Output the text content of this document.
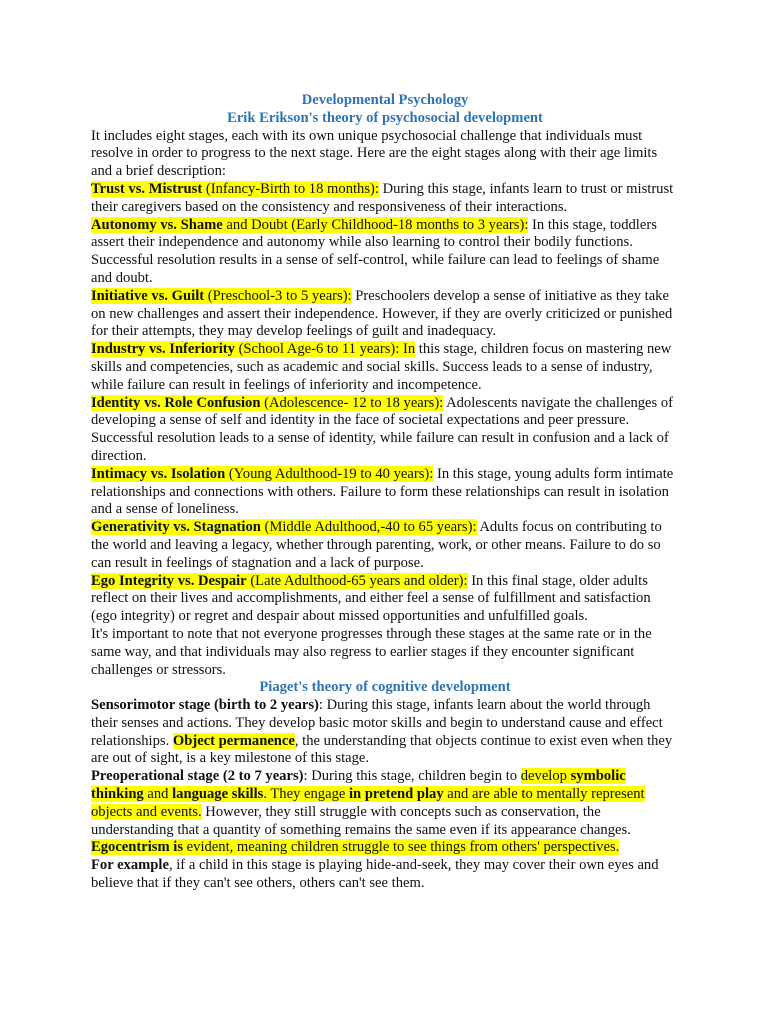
Developmental Psychology

Erik Erikson's theory of psychosocial development

It includes eight stages, each with its own unique psychosocial challenge that individuals must resolve in order to progress to the next stage. Here are the eight stages along with their age limits and a brief description:

Trust vs. Mistrust (Infancy-Birth to 18 months): During this stage, infants learn to trust or mistrust their caregivers based on the consistency and responsiveness of their interactions.

Autonomy vs. Shame and Doubt (Early Childhood-18 months to 3 years): In this stage, toddlers assert their independence and autonomy while also learning to control their bodily functions. Successful resolution results in a sense of self-control, while failure can lead to feelings of shame and doubt.

Initiative vs. Guilt (Preschool-3 to 5 years): Preschoolers develop a sense of initiative as they take on new challenges and assert their independence. However, if they are overly criticized or punished for their attempts, they may develop feelings of guilt and inadequacy.

Industry vs. Inferiority (School Age-6 to 11 years): In this stage, children focus on mastering new skills and competencies, such as academic and social skills. Success leads to a sense of industry, while failure can result in feelings of inferiority and incompetence.

Identity vs. Role Confusion (Adolescence- 12 to 18 years): Adolescents navigate the challenges of developing a sense of self and identity in the face of societal expectations and peer pressure. Successful resolution leads to a sense of identity, while failure can result in confusion and a lack of direction.

Intimacy vs. Isolation (Young Adulthood-19 to 40 years): In this stage, young adults form intimate relationships and connections with others. Failure to form these relationships can result in isolation and a sense of loneliness.

Generativity vs. Stagnation (Middle Adulthood,-40 to 65 years): Adults focus on contributing to the world and leaving a legacy, whether through parenting, work, or other means. Failure to do so can result in feelings of stagnation and a lack of purpose.

Ego Integrity vs. Despair (Late Adulthood-65 years and older): In this final stage, older adults reflect on their lives and accomplishments, and either feel a sense of fulfillment and satisfaction (ego integrity) or regret and despair about missed opportunities and unfulfilled goals.

It's important to note that not everyone progresses through these stages at the same rate or in the same way, and that individuals may also regress to earlier stages if they encounter significant challenges or stressors.

Piaget's theory of cognitive development

Sensorimotor stage (birth to 2 years): During this stage, infants learn about the world through their senses and actions. They develop basic motor skills and begin to understand cause and effect relationships. Object permanence, the understanding that objects continue to exist even when they are out of sight, is a key milestone of this stage.

Preoperational stage (2 to 7 years): During this stage, children begin to develop symbolic thinking and language skills. They engage in pretend play and are able to mentally represent objects and events. However, they still struggle with concepts such as conservation, the understanding that a quantity of something remains the same even if its appearance changes.

Egocentrism is evident, meaning children struggle to see things from others' perspectives.

For example, if a child in this stage is playing hide-and-seek, they may cover their own eyes and believe that if they can't see others, others can't see them.
